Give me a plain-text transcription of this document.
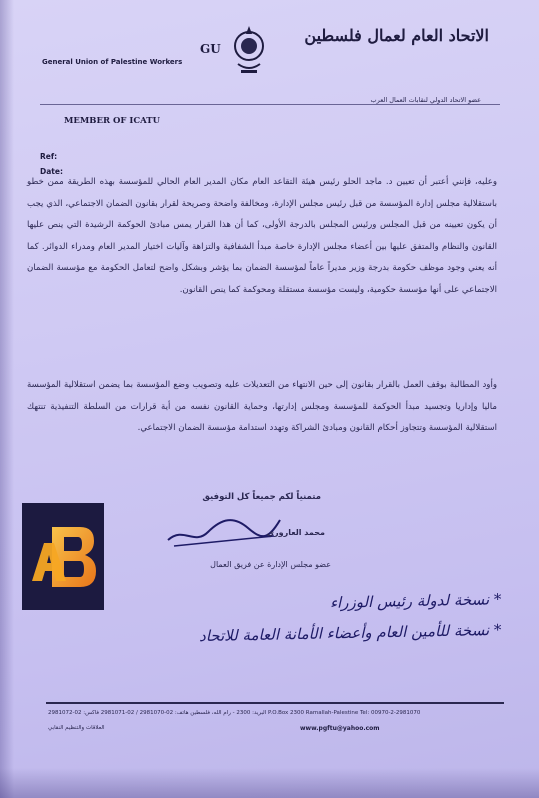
General Union of Palestine Workers
GU
الاتحاد العام لعمال فلسطين
عضو الاتحاد الدولي لنقابات العمال العرب
MEMBER OF ICATU
Ref:
Date:
وعليه، فإنني أعتبر أن تعيين د. ماجد الحلو رئيس هيئة التقاعد العام مكان المدير العام الحالي للمؤسسة بهذه الطريقة ممن خطو باستقلالية مجلس إدارة المؤسسة من قبل رئيس مجلس الإدارة، ومخالفة واضحة وصريحة لقرار بقانون الضمان الاجتماعي، الذي يجب أن يكون تعيينه من قبل المجلس ورئيس المجلس بالدرجة الأولى، كما أن هذا القرار يمس مبادئ الحوكمة الرشيدة التي ينص عليها القانون والنظام والمتفق عليها بين أعضاء مجلس الإدارة خاصة مبدأ الشفافية والتزاهة وآليات اختيار المدير العام ومدراء الدوائر. كما أنه يعني وجود موظف حكومة بدرجة وزير مديراً عاماً لمؤسسة الضمان بما يؤشر وبشكل واضح لتعامل الحكومة مع مؤسسة الضمان الاجتماعي على أنها مؤسسة حكومية، وليست مؤسسة مستقلة ومحوكمة كما ينص القانون.
وأود المطالبة بوقف العمل بالقرار بقانون إلى حين الانتهاء من التعديلات عليه وتصويب وضع المؤسسة بما يضمن استقلالية المؤسسة ماليا وإداريا وتجسيد مبدأ الحوكمة للمؤسسة ومجلس إدارتها، وحماية القانون نفسه من أية قرارات من السلطة التنفيذية تنتهك استقلالية المؤسسة وتتجاوز أحكام القانون ومبادئ الشراكة وتهدد استدامة مؤسسة الضمان الاجتماعي.
متمنياً لكم جميعاً كل التوفيق
محمد العاروري
عضو مجلس الإدارة عن فريق العمال
* نسخة لدولة رئيس الوزراء
* نسخة للأمين العام وأعضاء الأمانة العامة للاتحاد
البريد: 2300 - رام الله، فلسطين هاتف: 02-2981070 / 02-2981071 فاكس: 02-2981072 P.O.Box 2300 Ramallah-Palestine Tel: 00970-2-2981070
العلاقات والتنظيم النقابي	www.pgftu@yahoo.com
